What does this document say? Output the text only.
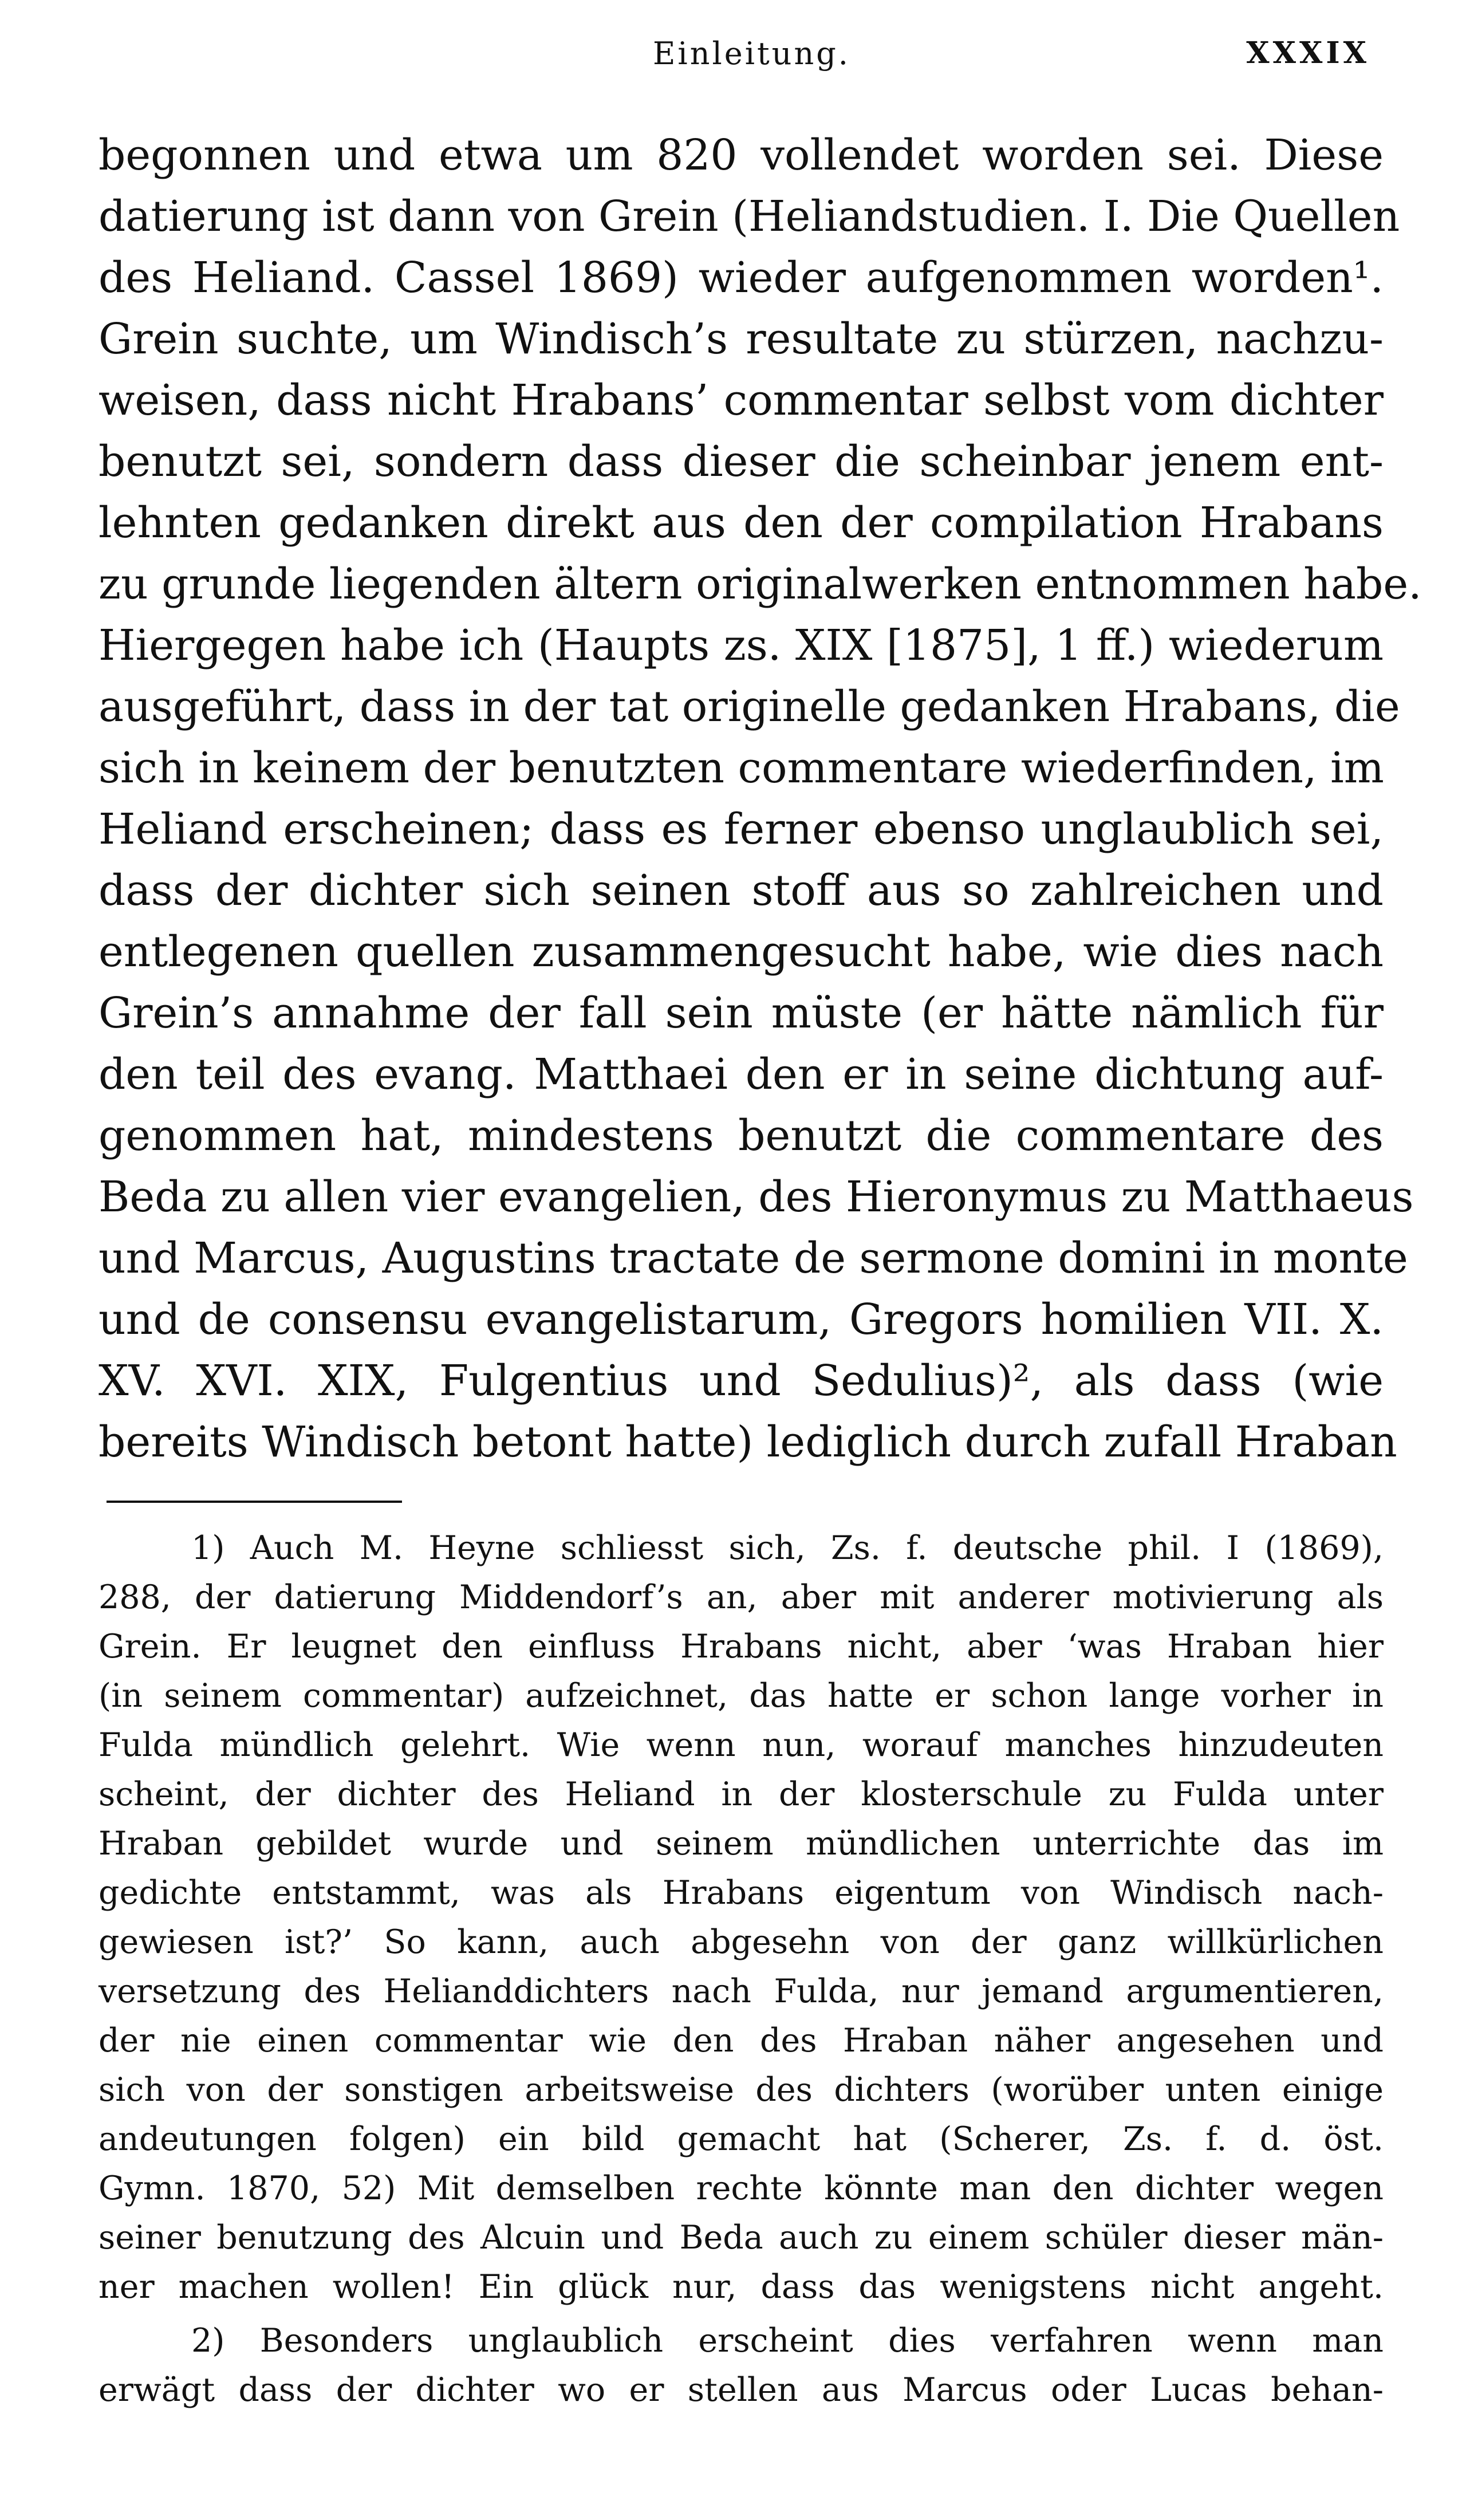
Einleitung.	XXXIX
begonnen und etwa um 820 vollendet worden sei. Diese
datierung ist dann von Grein (Heliandstudien. I. Die Quellen
des Heliand. Cassel 1869) wieder aufgenommen worden¹.
Grein suchte, um Windisch’s resultate zu stürzen, nachzu-
weisen, dass nicht Hrabans’ commentar selbst vom dichter
benutzt sei, sondern dass dieser die scheinbar jenem ent-
lehnten gedanken direkt aus den der compilation Hrabans
zu grunde liegenden ältern originalwerken entnommen habe.
Hiergegen habe ich (Haupts zs. XIX [1875], 1 ff.) wiederum
ausgeführt, dass in der tat originelle gedanken Hrabans, die
sich in keinem der benutzten commentare wiederfinden, im
Heliand erscheinen; dass es ferner ebenso unglaublich sei,
dass der dichter sich seinen stoff aus so zahlreichen und
entlegenen quellen zusammengesucht habe, wie dies nach
Grein’s annahme der fall sein müste (er hätte nämlich für
den teil des evang. Matthaei den er in seine dichtung auf-
genommen hat, mindestens benutzt die commentare des
Beda zu allen vier evangelien, des Hieronymus zu Matthaeus
und Marcus, Augustins tractate de sermone domini in monte
und de consensu evangelistarum, Gregors homilien VII. X.
XV. XVI. XIX, Fulgentius und Sedulius)², als dass (wie
bereits Windisch betont hatte) lediglich durch zufall Hraban
1) Auch M. Heyne schliesst sich, Zs. f. deutsche phil. I (1869),
288, der datierung Middendorf’s an, aber mit anderer motivierung als
Grein. Er leugnet den einfluss Hrabans nicht, aber ‘was Hraban hier
(in seinem commentar) aufzeichnet, das hatte er schon lange vorher in
Fulda mündlich gelehrt. Wie wenn nun, worauf manches hinzudeuten
scheint, der dichter des Heliand in der klosterschule zu Fulda unter
Hraban gebildet wurde und seinem mündlichen unterrichte das im
gedichte entstammt, was als Hrabans eigentum von Windisch nach-
gewiesen ist?’ So kann, auch abgesehn von der ganz willkürlichen
versetzung des Helianddichters nach Fulda, nur jemand argumentieren,
der nie einen commentar wie den des Hraban näher angesehen und
sich von der sonstigen arbeitsweise des dichters (worüber unten einige
andeutungen folgen) ein bild gemacht hat (Scherer, Zs. f. d. öst.
Gymn. 1870, 52) Mit demselben rechte könnte man den dichter wegen
seiner benutzung des Alcuin und Beda auch zu einem schüler dieser män-
ner machen wollen! Ein glück nur, dass das wenigstens nicht angeht.
2) Besonders unglaublich erscheint dies verfahren wenn man
erwägt dass der dichter wo er stellen aus Marcus oder Lucas behan-
